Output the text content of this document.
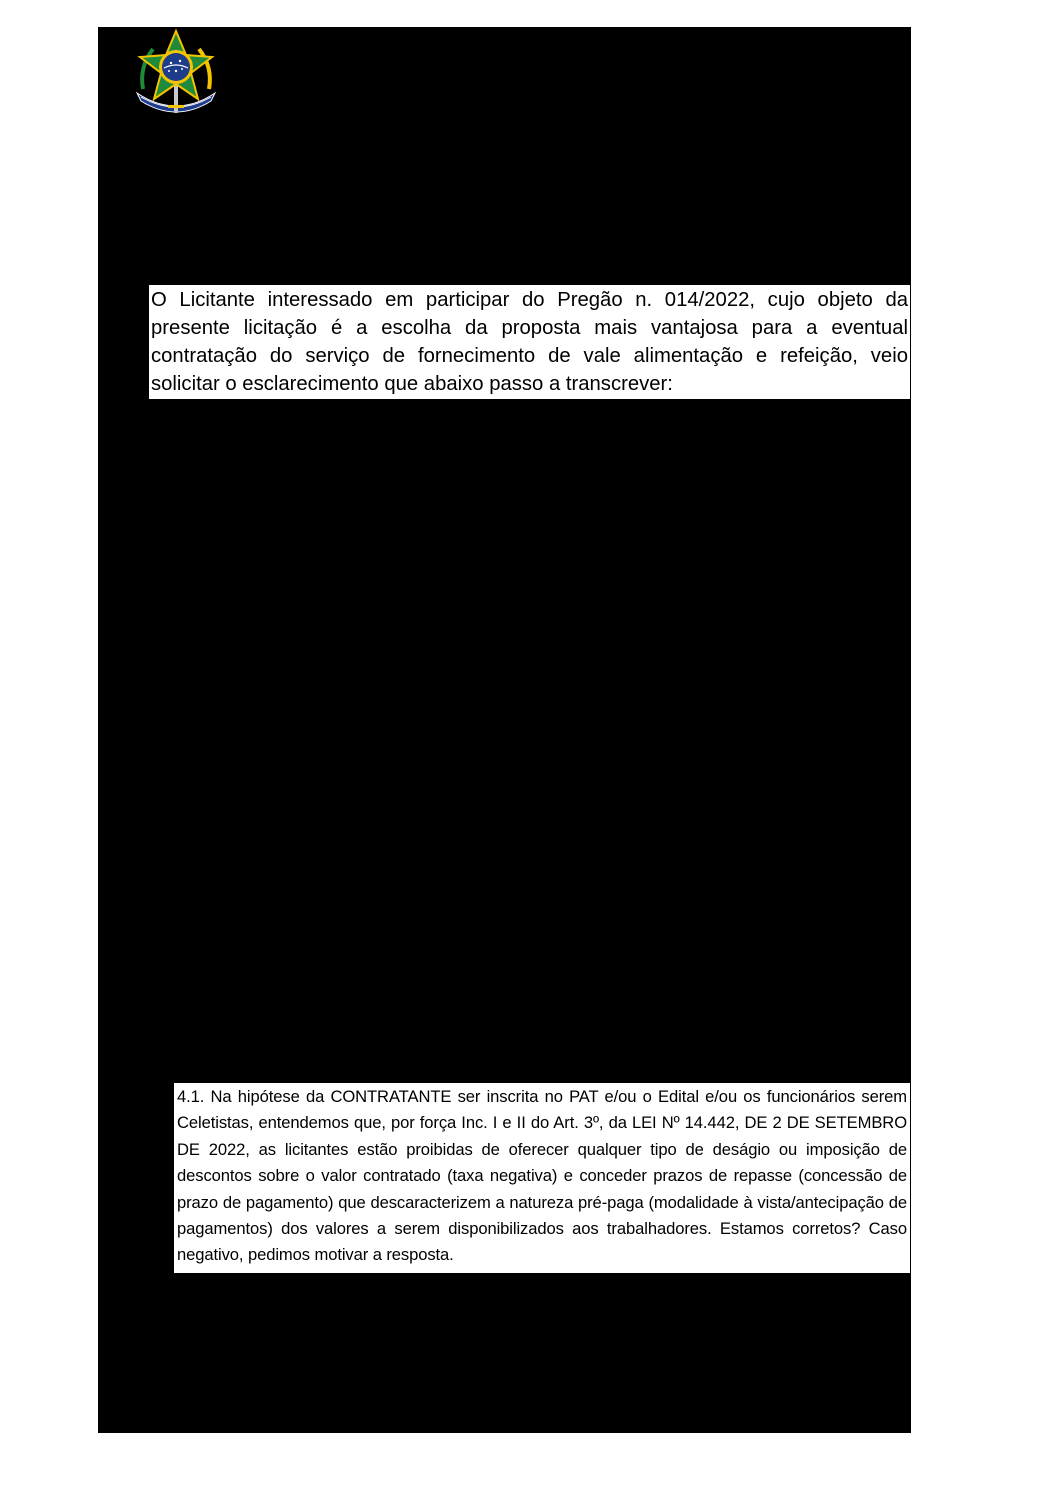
O Licitante interessado em participar do Pregão n. 014/2022, cujo objeto da presente licitação é a escolha da proposta mais vantajosa para a eventual contratação do serviço de fornecimento de vale alimentação e refeição, veio solicitar o esclarecimento que abaixo passo a transcrever:

4.1. Na hipótese da CONTRATANTE ser inscrita no PAT e/ou o Edital e/ou os funcionários serem Celetistas, entendemos que, por força Inc. I e II do Art. 3º, da LEI Nº 14.442, DE 2 DE SETEMBRO DE 2022, as licitantes estão proibidas de oferecer qualquer tipo de deságio ou imposição de descontos sobre o valor contratado (taxa negativa) e conceder prazos de repasse (concessão de prazo de pagamento) que descaracterizem a natureza pré-paga (modalidade à vista/antecipação de pagamentos) dos valores a serem disponibilizados aos trabalhadores. Estamos corretos? Caso negativo, pedimos motivar a resposta.
